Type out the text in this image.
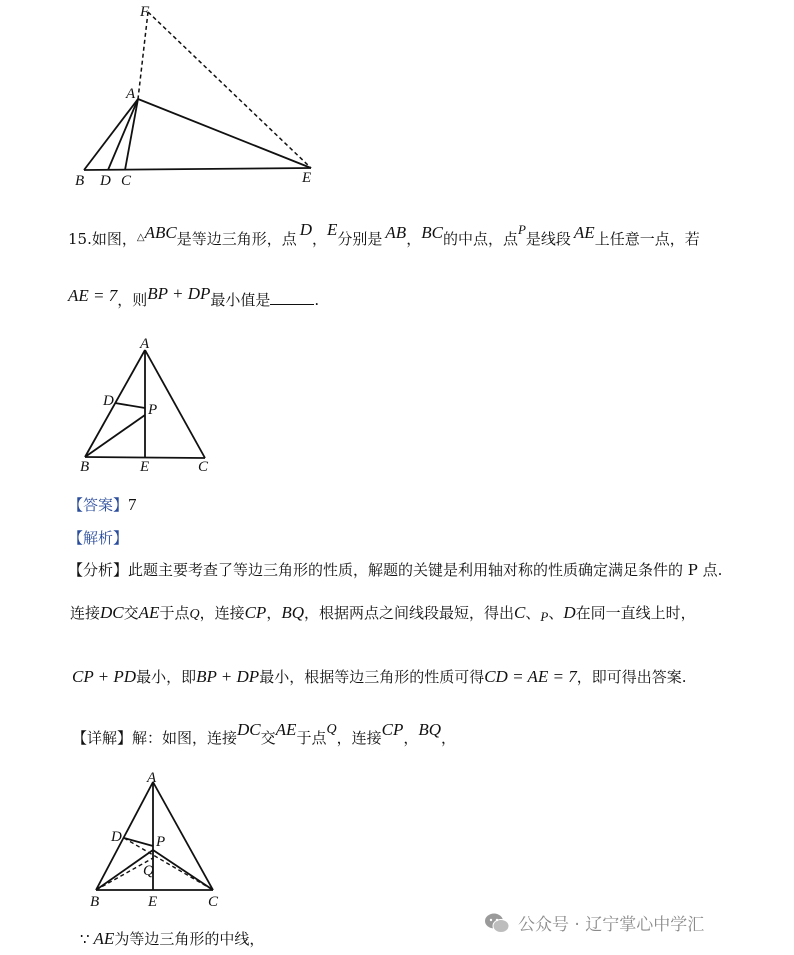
F
A
B D C	E
15.如图，△ABC是等边三角形，点 D，E分别是 AB，BC的中点，点P是线段 AE上任意一点，若
AE = 7，则BP + DP最小值是	.
A
D
P
B	E	C
【答案】7
【解析】
【分析】此题主要考查了等边三角形的性质，解题的关键是利用轴对称的性质确定满足条件的 P 点.
连接DC交AE于点Q，连接CP，BQ，根据两点之间线段最短，得出C、P、D在同一直线上时，
CP + PD最小，即BP + DP最小，根据等边三角形的性质可得CD = AE = 7，即可得出答案.
【详解】解：如图，连接DC交AE于点Q，连接CP，BQ，
A
D P
Q
B	E	C
∵ AE为等边三角形的中线，
公众号 · 辽宁掌心中学汇
